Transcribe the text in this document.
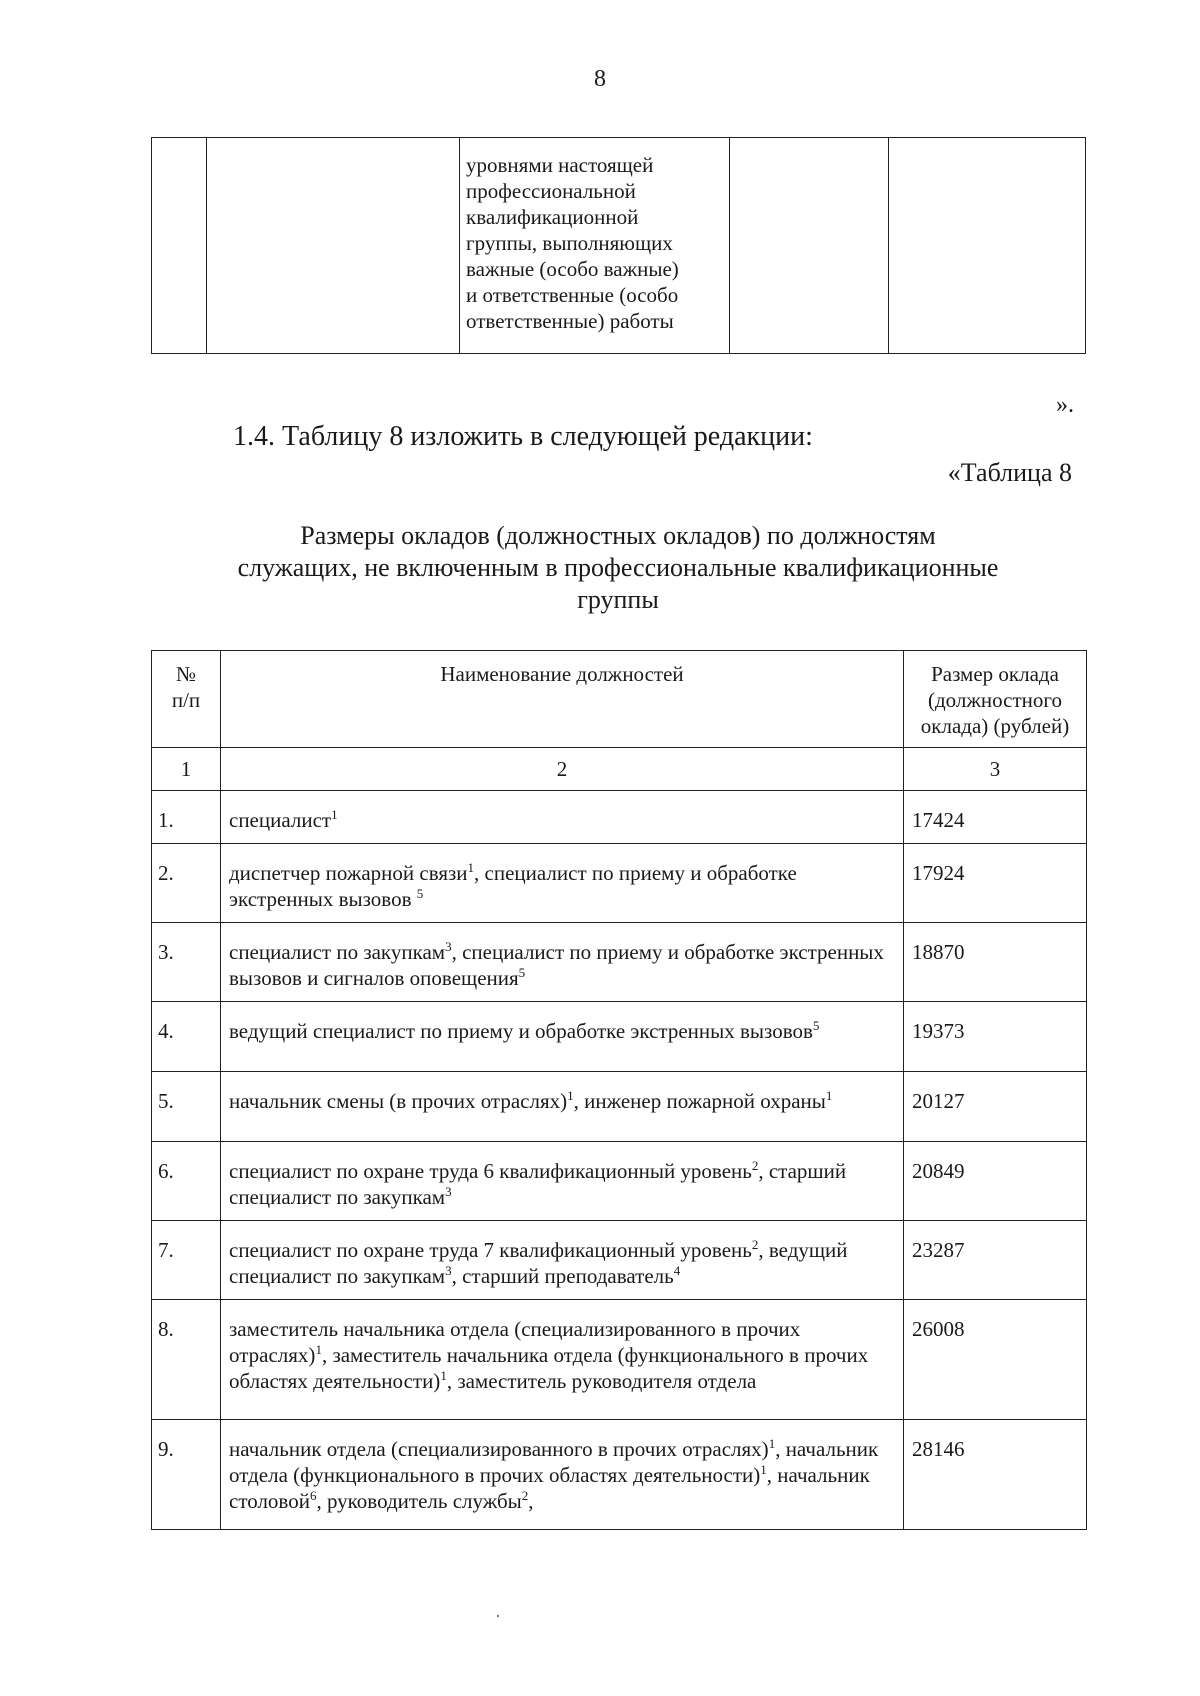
8

уровнями настоящей
профессиональной
квалификационной
группы, выполняющих
важные (особо важные)
и ответственные (особо
ответственные) работы

».
1.4. Таблицу 8 изложить в следующей редакции:
«Таблица 8
Размеры окладов (должностных окладов) по должностям
служащих, не включенным в профессиональные квалификационные
группы
№
п/п	Наименование должностей	Размер оклада
(должностного
оклада) (рублей)
1	2	3
1.	специалист$^1$	17424
2.	диспетчер пожарной связи$^1$, специалист по приему и обработке экстренных вызовов $^5$	17924
3.	специалист по закупкам$^3$, специалист по приему и обработке экстренных вызовов и сигналов оповещения$^5$	18870
4.	ведущий специалист по приему и обработке экстренных вызовов$^5$	19373
5.	начальник смены (в прочих отраслях)$^1$, инженер пожарной охраны$^1$	20127
6.	специалист по охране труда 6 квалификационный уровень$^2$, старший специалист по закупкам$^3$	20849
7.	специалист по охране труда 7 квалификационный уровень$^2$, ведущий специалист по закупкам$^3$, старший преподаватель$^4$	23287
8.	заместитель начальника отдела (специализированного в прочих отраслях)$^1$, заместитель начальника отдела (функционального в прочих областях деятельности)$^1$, заместитель руководителя отдела	26008
9.	начальник отдела (специализированного в прочих отраслях)$^1$, начальник отдела (функционального в прочих областях деятельности)$^1$, начальник столовой$^6$, руководитель службы$^2$,	28146
